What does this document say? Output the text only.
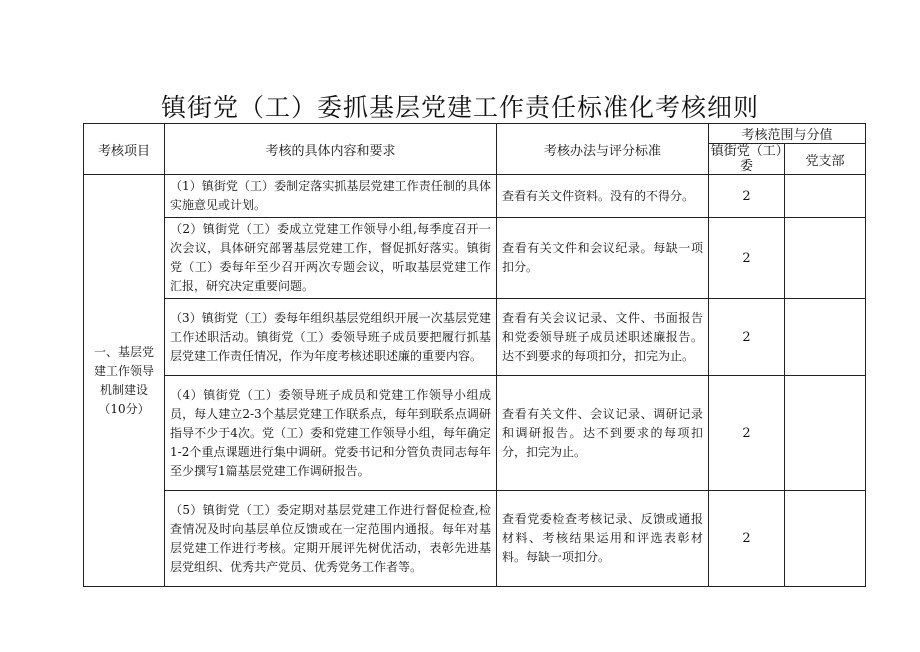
镇街党（工）委抓基层党建工作责任标准化考核细则
考核项目	考核的具体内容和要求	考核办法与评分标准	考核范围与分值	
			镇街党（工）委	党支部
一、基层党建工作领导机制建设（10分）	（1）镇街党（工）委制定落实抓基层党建工作责任制的具体实施意见或计划。	查看有关文件资料。没有的不得分。	2	
	（2）镇街党（工）委成立党建工作领导小组,每季度召开一次会议，具体研究部署基层党建工作，督促抓好落实。镇街党（工）委每年至少召开两次专题会议，听取基层党建工作汇报，研究决定重要问题。	查看有关文件和会议纪录。每缺一项扣分。	2	
	（3）镇街党（工）委每年组织基层党组织开展一次基层党建工作述职活动。镇街党（工）委领导班子成员要把履行抓基层党建工作责任情况，作为年度考核述职述廉的重要内容。	查看有关会议记录、文件、书面报告和党委领导班子成员述职述廉报告。达不到要求的每项扣分，扣完为止。	2	
	（4）镇街党（工）委领导班子成员和党建工作领导小组成员，每人建立2-3个基层党建工作联系点，每年到联系点调研指导不少于4次。党（工）委和党建工作领导小组，每年确定1-2个重点课题进行集中调研。党委书记和分管负责同志每年至少撰写1篇基层党建工作调研报告。	查看有关文件、会议记录、调研记录和调研报告。达不到要求的每项扣分，扣完为止。	2	
	（5）镇街党（工）委定期对基层党建工作进行督促检查,检查情况及时向基层单位反馈或在一定范围内通报。每年对基层党建工作进行考核。定期开展评先树优活动，表彰先进基层党组织、优秀共产党员、优秀党务工作者等。	查看党委检查考核记录、反馈或通报材料、考核结果运用和评选表彰材料。每缺一项扣分。	2	
